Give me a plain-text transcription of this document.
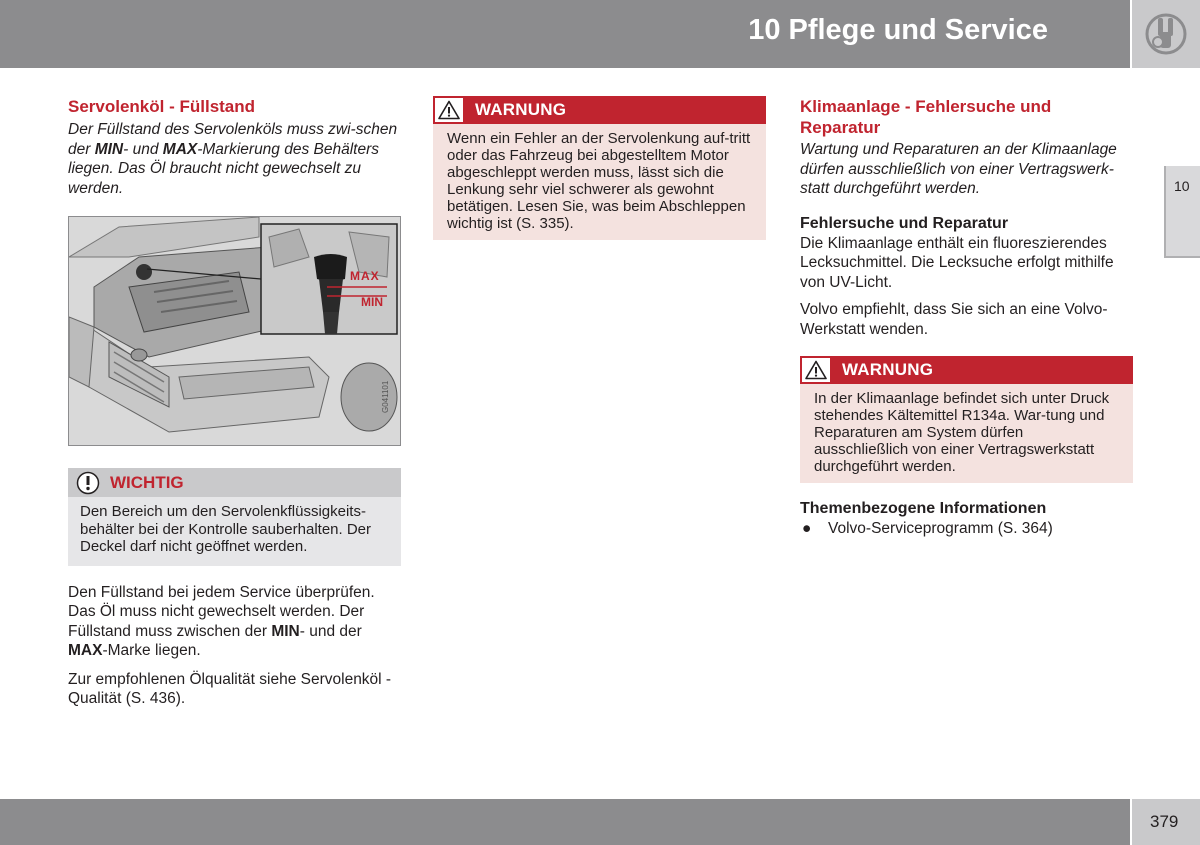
10 Pflege und Service
10
Servolenköl - Füllstand

Der Füllstand des Servolenköls muss zwi-schen der MIN- und MAX-Markierung des Behälters liegen. Das Öl braucht nicht gewechselt zu werden.

MAX
MIN
G041101
WICHTIG
Den Bereich um den Servolenkflüssigkeits-behälter bei der Kontrolle sauberhalten. Der Deckel darf nicht geöffnet werden.

Den Füllstand bei jedem Service überprüfen. Das Öl muss nicht gewechselt werden. Der Füllstand muss zwischen der MIN- und der MAX-Marke liegen.

Zur empfohlenen Ölqualität siehe Servolenköl - Qualität (S. 436).

WARNUNG
Wenn ein Fehler an der Servolenkung auf-tritt oder das Fahrzeug bei abgestelltem Motor abgeschleppt werden muss, lässt sich die Lenkung sehr viel schwerer als gewohnt betätigen. Lesen Sie, was beim Abschleppen wichtig ist (S. 335).
Klimaanlage - Fehlersuche und Reparatur

Wartung und Reparaturen an der Klimaanlage dürfen ausschließlich von einer Vertragswerk-statt durchgeführt werden.

Fehlersuche und Reparatur

Die Klimaanlage enthält ein fluoreszierendes Lecksuchmittel. Die Lecksuche erfolgt mithilfe von UV-Licht.

Volvo empfiehlt, dass Sie sich an eine Volvo-Werkstatt wenden.

WARNUNG
In der Klimaanlage befindet sich unter Druck stehendes Kältemittel R134a. War-tung und Reparaturen am System dürfen ausschließlich von einer Vertragswerkstatt durchgeführt werden.
Themenbezogene Informationen
●	Volvo-Serviceprogramm (S. 364)
379
